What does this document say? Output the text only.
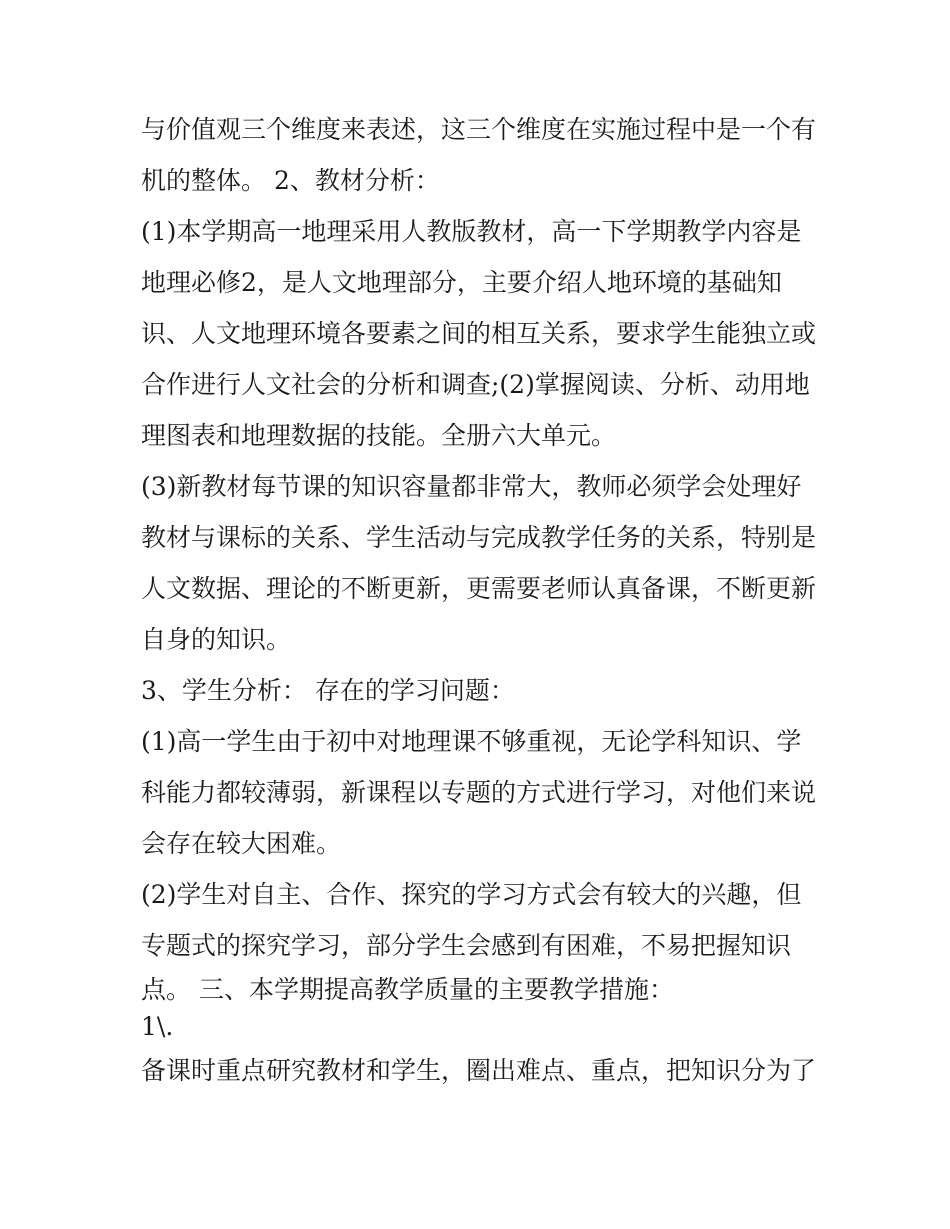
与价值观三个维度来表述，这三个维度在实施过程中是一个有
机的整体。 2、教材分析：
(1)本学期高一地理采用人教版教材，高一下学期教学内容是
地理必修2，是人文地理部分，主要介绍人地环境的基础知
识、人文地理环境各要素之间的相互关系，要求学生能独立或
合作进行人文社会的分析和调查;(2)掌握阅读、分析、动用地
理图表和地理数据的技能。全册六大单元。
(3)新教材每节课的知识容量都非常大，教师必须学会处理好
教材与课标的关系、学生活动与完成教学任务的关系，特别是
人文数据、理论的不断更新，更需要老师认真备课，不断更新
自身的知识。
3、学生分析： 存在的学习问题：
(1)高一学生由于初中对地理课不够重视，无论学科知识、学
科能力都较薄弱，新课程以专题的方式进行学习，对他们来说
会存在较大困难。
(2)学生对自主、合作、探究的学习方式会有较大的兴趣，但
专题式的探究学习，部分学生会感到有困难，不易把握知识
点。 三、本学期提高教学质量的主要教学措施：
1\.
备课时重点研究教材和学生，圈出难点、重点，把知识分为了
